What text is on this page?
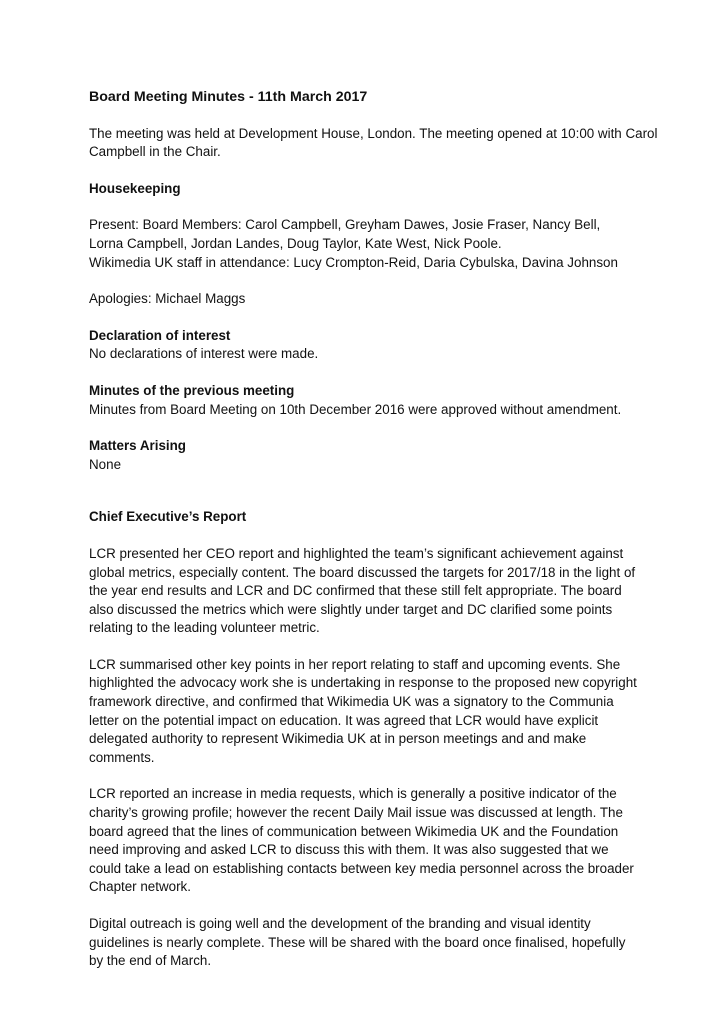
Board Meeting Minutes - 11th March 2017

The meeting was held at Development House, London. The meeting opened at 10:00 with Carol
Campbell in the Chair.

Housekeeping

Present: Board Members: Carol Campbell, Greyham Dawes, Josie Fraser, Nancy Bell,
Lorna Campbell, Jordan Landes, Doug Taylor, Kate West, Nick Poole.
Wikimedia UK staff in attendance: Lucy Crompton-Reid, Daria Cybulska, Davina Johnson

Apologies: Michael Maggs

Declaration of interest

No declarations of interest were made.

Minutes of the previous meeting

Minutes from Board Meeting on 10th December 2016 were approved without amendment.

Matters Arising

None

Chief Executive’s Report

LCR presented her CEO report and highlighted the team’s significant achievement against
global metrics, especially content. The board discussed the targets for 2017/18 in the light of
the year end results and LCR and DC confirmed that these still felt appropriate. The board
also discussed the metrics which were slightly under target and DC clarified some points
relating to the leading volunteer metric.

LCR summarised other key points in her report relating to staff and upcoming events. She
highlighted the advocacy work she is undertaking in response to the proposed new copyright
framework directive, and confirmed that Wikimedia UK was a signatory to the Communia
letter on the potential impact on education. It was agreed that LCR would have explicit
delegated authority to represent Wikimedia UK at in person meetings and and make
comments.

LCR reported an increase in media requests, which is generally a positive indicator of the
charity’s growing profile; however the recent Daily Mail issue was discussed at length. The
board agreed that the lines of communication between Wikimedia UK and the Foundation
need improving and asked LCR to discuss this with them. It was also suggested that we
could take a lead on establishing contacts between key media personnel across the broader
Chapter network.

Digital outreach is going well and the development of the branding and visual identity
guidelines is nearly complete. These will be shared with the board once finalised, hopefully
by the end of March.
